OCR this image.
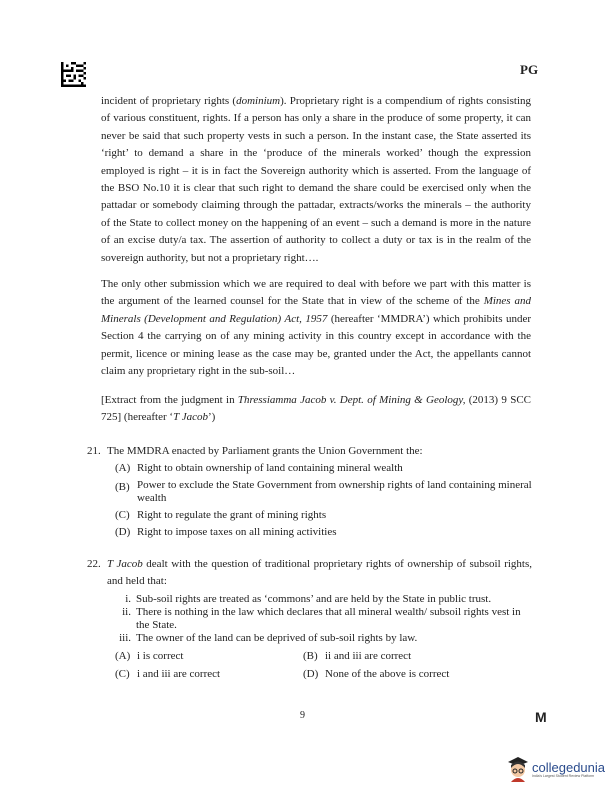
PG
incident of proprietary rights (dominium). Proprietary right is a compendium of rights consisting of various constituent, rights. If a person has only a share in the produce of some property, it can never be said that such property vests in such a person. In the instant case, the State asserted its ‘right’ to demand a share in the ‘produce of the minerals worked’ though the expression employed is right – it is in fact the Sovereign authority which is asserted. From the language of the BSO No.10 it is clear that such right to demand the share could be exercised only when the pattadar or somebody claiming through the pattadar, extracts/works the minerals – the authority of the State to collect money on the happening of an event – such a demand is more in the nature of an excise duty/a tax. The assertion of authority to collect a duty or tax is in the realm of the sovereign authority, but not a proprietary right….
The only other submission which we are required to deal with before we part with this matter is the argument of the learned counsel for the State that in view of the scheme of the Mines and Minerals (Development and Regulation) Act, 1957 (hereafter ‘MMDRA’) which prohibits under Section 4 the carrying on of any mining activity in this country except in accordance with the permit, licence or mining lease as the case may be, granted under the Act, the appellants cannot claim any proprietary right in the sub-soil…
[Extract from the judgment in Thressiamma Jacob v. Dept. of Mining & Geology, (2013) 9 SCC 725] (hereafter ‘T Jacob’)
21. The MMDRA enacted by Parliament grants the Union Government the:
(A) Right to obtain ownership of land containing mineral wealth
(B) Power to exclude the State Government from ownership rights of land containing mineral wealth
(C) Right to regulate the grant of mining rights
(D) Right to impose taxes on all mining activities
22. T Jacob dealt with the question of traditional proprietary rights of ownership of subsoil rights, and held that:
i. Sub-soil rights are treated as ‘commons’ and are held by the State in public trust.
ii. There is nothing in the law which declares that all mineral wealth/ subsoil rights vest in the State.
iii. The owner of the land can be deprived of sub-soil rights by law.
(A) i is correct	(B) ii and iii are correct
(C) i and iii are correct	(D) None of the above is correct
9	M
collegedunia
India's Largest Student Review Platform
